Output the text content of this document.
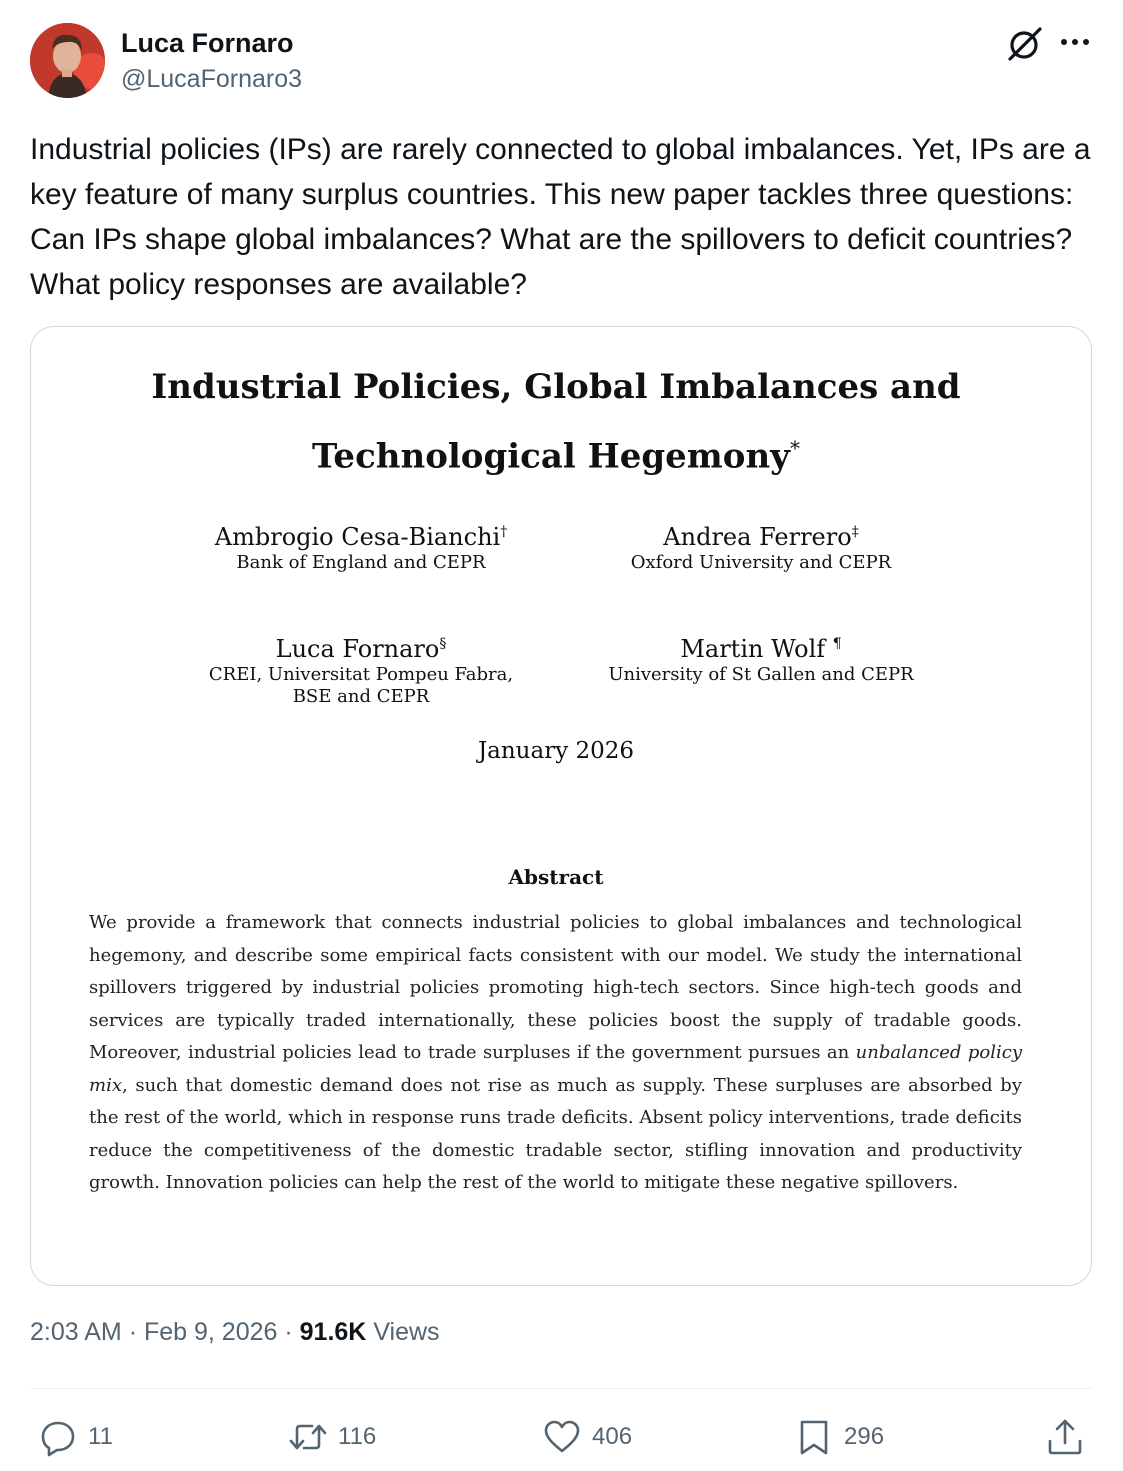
Luca Fornaro
@LucaFornaro3

Industrial policies (IPs) are rarely connected to global imbalances. Yet, IPs are a key feature of many surplus countries. This new paper tackles three questions: Can IPs shape global imbalances? What are the spillovers to deficit countries? What policy responses are available?

Industrial Policies, Global Imbalances and
Technological Hegemony*
Ambrogio Cesa-Bianchi†
Bank of England and CEPR
Andrea Ferrero‡
Oxford University and CEPR
Luca Fornaro§
CREI, Universitat Pompeu Fabra,
BSE and CEPR
Martin Wolf ¶
University of St Gallen and CEPR
January 2026
Abstract

We provide a framework that connects industrial policies to global imbalances and technological hegemony, and describe some empirical facts consistent with our model. We study the international spillovers triggered by industrial policies promoting high-tech sectors. Since high-tech goods and services are typically traded internationally, these policies boost the supply of tradable goods. Moreover, industrial policies lead to trade surpluses if the government pursues an unbalanced policy mix, such that domestic demand does not rise as much as supply. These surpluses are absorbed by the rest of the world, which in response runs trade deficits. Absent policy interventions, trade deficits reduce the competitiveness of the domestic tradable sector, stifling innovation and productivity growth. Innovation policies can help the rest of the world to mitigate these negative spillovers.

2:03 AM · Feb 9, 2026 · 91.6K Views
11	116	406	296
